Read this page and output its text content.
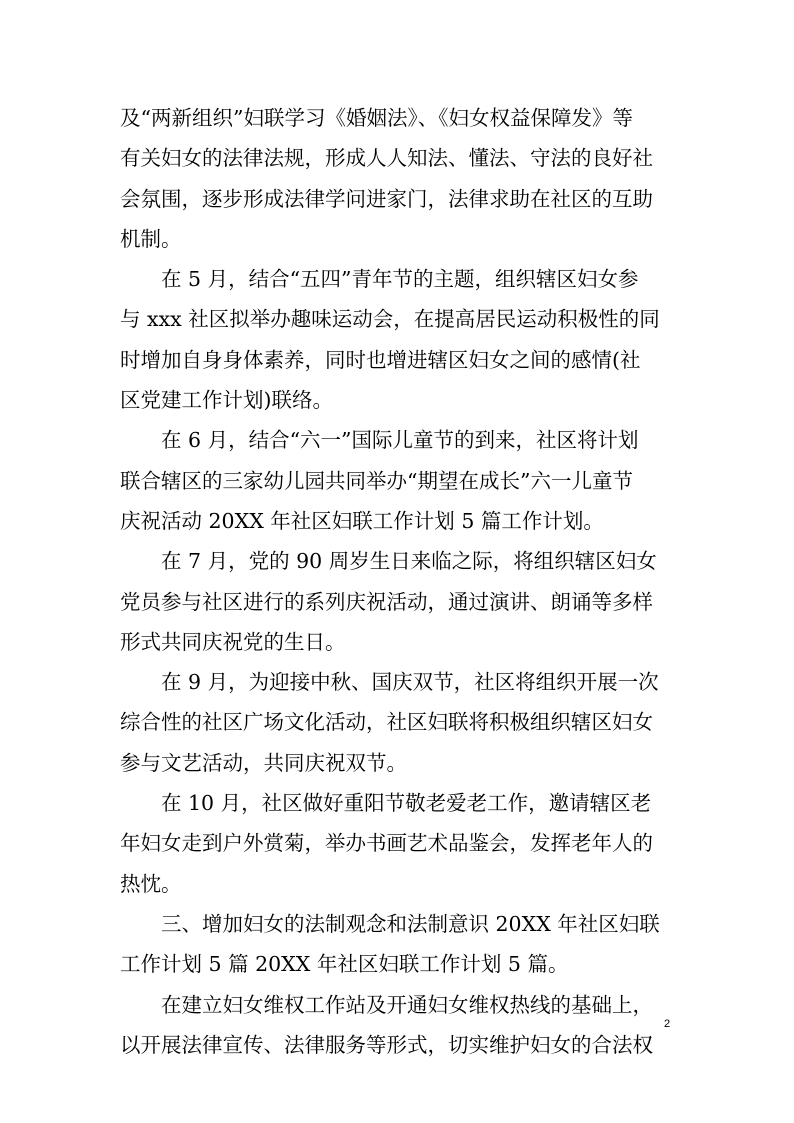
及“两新组织”妇联学习《婚姻法》、《妇女权益保障发》等
有关妇女的法律法规，形成人人知法、懂法、守法的良好社
会氛围，逐步形成法律学问进家门，法律求助在社区的互助
机制。
在 5 月，结合“五四”青年节的主题，组织辖区妇女参
与 xxx 社区拟举办趣味运动会，在提高居民运动积极性的同
时增加自身身体素养，同时也增进辖区妇女之间的感情(社
区党建工作计划)联络。
在 6 月，结合“六一”国际儿童节的到来，社区将计划
联合辖区的三家幼儿园共同举办“期望在成长”六一儿童节
庆祝活动 20XX 年社区妇联工作计划 5 篇工作计划。
在 7 月，党的 90 周岁生日来临之际，将组织辖区妇女
党员参与社区进行的系列庆祝活动，通过演讲、朗诵等多样
形式共同庆祝党的生日。
在 9 月，为迎接中秋、国庆双节，社区将组织开展一次
综合性的社区广场文化活动，社区妇联将积极组织辖区妇女
参与文艺活动，共同庆祝双节。
在 10 月，社区做好重阳节敬老爱老工作，邀请辖区老
年妇女走到户外赏菊，举办书画艺术品鉴会，发挥老年人的
热忱。
三、增加妇女的法制观念和法制意识 20XX 年社区妇联
工作计划 5 篇 20XX 年社区妇联工作计划 5 篇。
在建立妇女维权工作站及开通妇女维权热线的基础上，
以开展法律宣传、法律服务等形式，切实维护妇女的合法权
2
